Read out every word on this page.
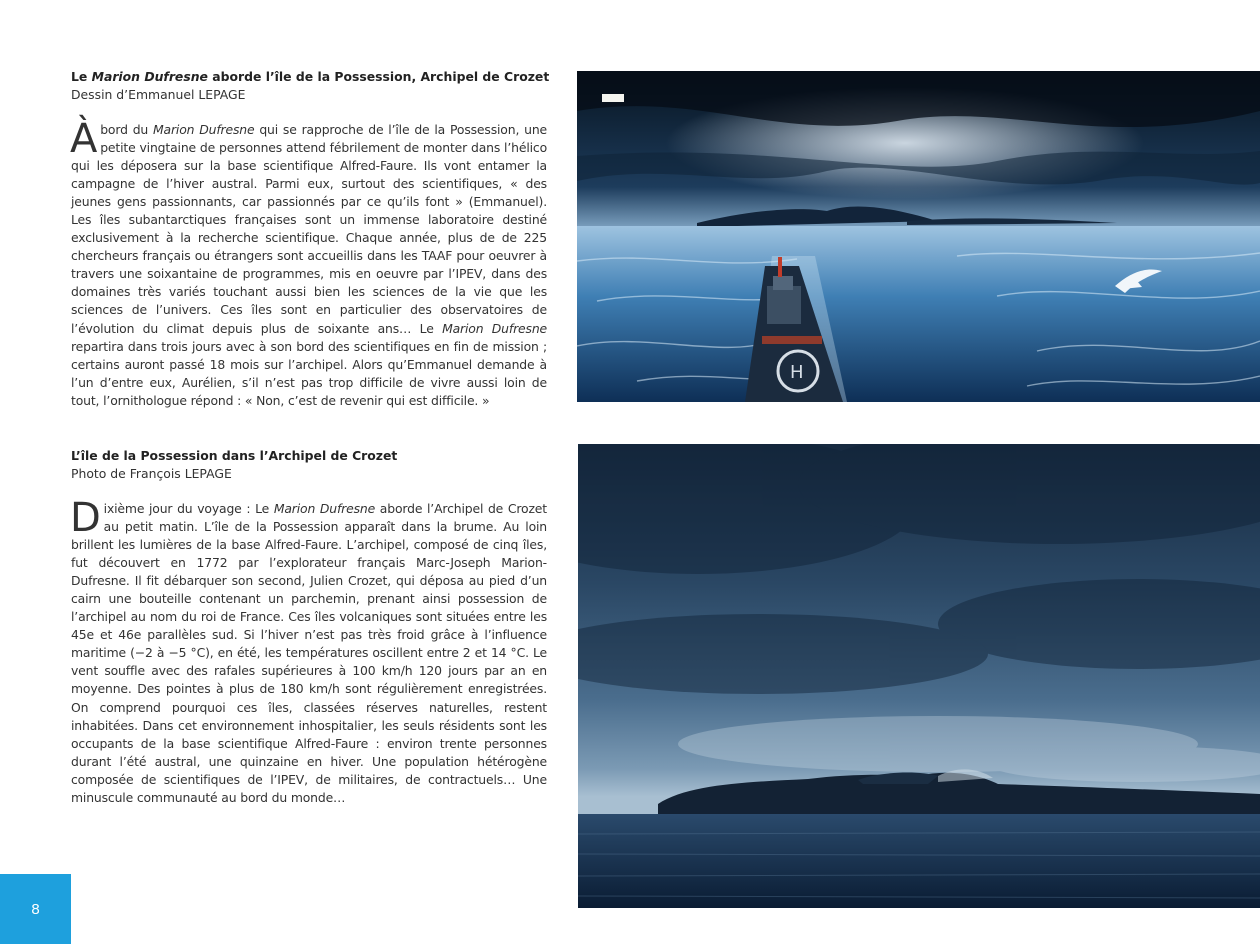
Le Marion Dufresne aborde l’île de la Possession, Archipel de Crozet

Dessin d’Emmanuel LEPAGE

Àbord du Marion Dufresne qui se rapproche de l’île de la Possession, une petite vingtaine de personnes attend fébrilement de monter dans l’hélico qui les déposera sur la base scientifique Alfred-Faure. Ils vont entamer la campagne de l’hiver austral. Parmi eux, surtout des scientifiques, « des jeunes gens passionnants, car passionnés par ce qu’ils font » (Emmanuel). Les îles subantarctiques françaises sont un immense laboratoire destiné exclusivement à la recherche scientifique. Chaque année, plus de de 225 chercheurs français ou étrangers sont accueillis dans les TAAF pour oeuvrer à travers une soixantaine de programmes, mis en oeuvre par l’IPEV, dans des domaines très variés touchant aussi bien les sciences de la vie que les sciences de l’univers. Ces îles sont en particulier des observatoires de l’évolution du climat depuis plus de soixante ans… Le Marion Dufresne repartira dans trois jours avec à son bord des scientifiques en fin de mission ; certains auront passé 18 mois sur l’archipel. Alors qu’Emmanuel demande à l’un d’entre eux, Aurélien, s’il n’est pas trop difficile de vivre aussi loin de tout, l’ornithologue répond : « Non, c’est de revenir qui est difficile. »

L’île de la Possession dans l’Archipel de Crozet

Photo de François LEPAGE

Dixième jour du voyage : Le Marion Dufresne aborde l’Archipel de Crozet au petit matin. L’île de la Possession apparaît dans la brume. Au loin brillent les lumières de la base Alfred-Faure. L’archipel, composé de cinq îles, fut découvert en 1772 par l’explorateur français Marc-Joseph Marion-Dufresne. Il fit débarquer son second, Julien Crozet, qui déposa au pied d’un cairn une bouteille contenant un parchemin, prenant ainsi possession de l’archipel au nom du roi de France. Ces îles volcaniques sont situées entre les 45e et 46e parallèles sud. Si l’hiver n’est pas très froid grâce à l’influence maritime (−2 à −5 °C), en été, les températures oscillent entre 2 et 14 °C. Le vent souffle avec des rafales supérieures à 100 km/h 120 jours par an en moyenne. Des pointes à plus de 180 km/h sont régulièrement enregistrées. On comprend pourquoi ces îles, classées réserves naturelles, restent inhabitées. Dans cet environnement inhospitalier, les seuls résidents sont les occupants de la base scientifique Alfred-Faure : environ trente personnes durant l’été austral, une quinzaine en hiver. Une population hétérogène composée de scientifiques de l’IPEV, de militaires, de contractuels… Une minuscule communauté au bord du monde…

H
8
